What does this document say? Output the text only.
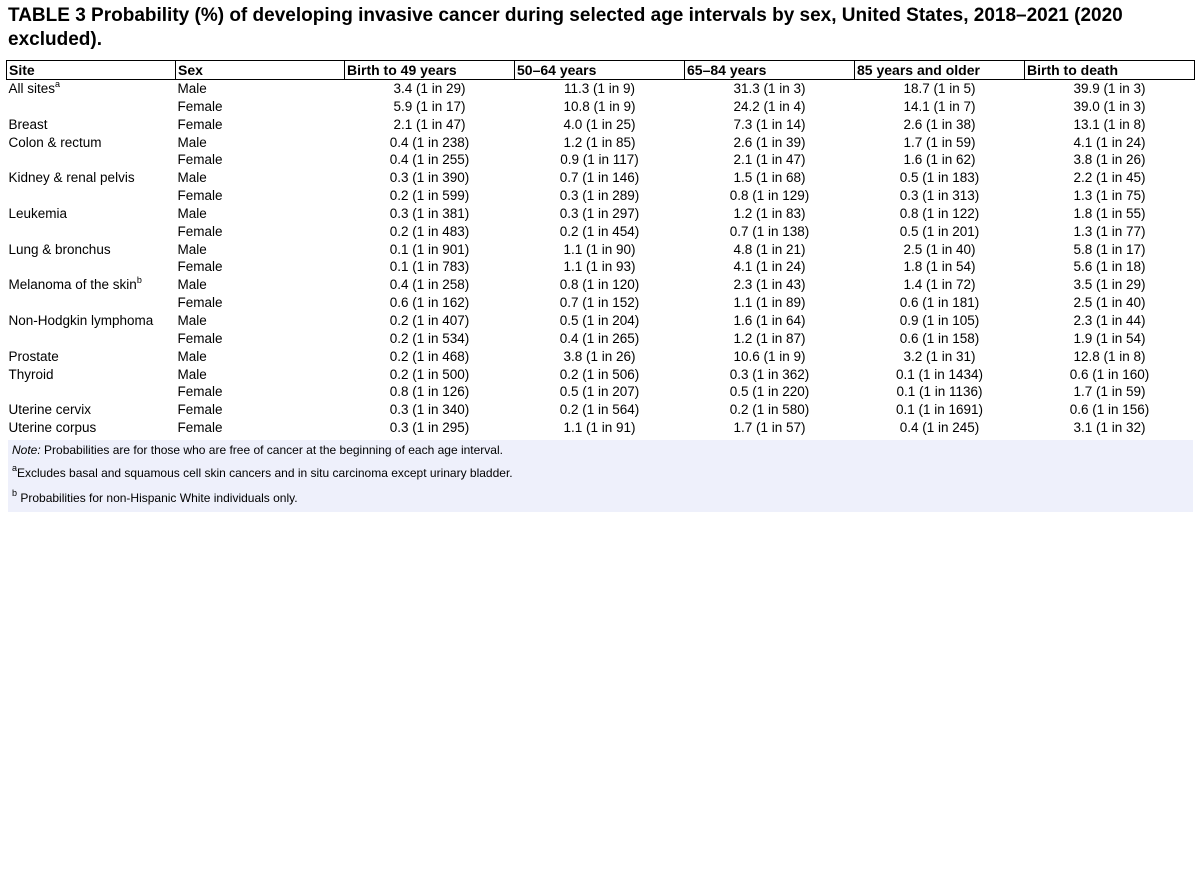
TABLE 3 Probability (%) of developing invasive cancer during selected age intervals by sex, United States, 2018–2021 (2020 excluded).
Site	Sex	Birth to 49 years	50–64 years	65–84 years	85 years and older	Birth to death
All sites$^a$	Male	3.4 (1 in 29)	11.3 (1 in 9)	31.3 (1 in 3)	18.7 (1 in 5)	39.9 (1 in 3)
	Female	5.9 (1 in 17)	10.8 (1 in 9)	24.2 (1 in 4)	14.1 (1 in 7)	39.0 (1 in 3)
Breast	Female	2.1 (1 in 47)	4.0 (1 in 25)	7.3 (1 in 14)	2.6 (1 in 38)	13.1 (1 in 8)
Colon & rectum	Male	0.4 (1 in 238)	1.2 (1 in 85)	2.6 (1 in 39)	1.7 (1 in 59)	4.1 (1 in 24)
	Female	0.4 (1 in 255)	0.9 (1 in 117)	2.1 (1 in 47)	1.6 (1 in 62)	3.8 (1 in 26)
Kidney & renal pelvis	Male	0.3 (1 in 390)	0.7 (1 in 146)	1.5 (1 in 68)	0.5 (1 in 183)	2.2 (1 in 45)
	Female	0.2 (1 in 599)	0.3 (1 in 289)	0.8 (1 in 129)	0.3 (1 in 313)	1.3 (1 in 75)
Leukemia	Male	0.3 (1 in 381)	0.3 (1 in 297)	1.2 (1 in 83)	0.8 (1 in 122)	1.8 (1 in 55)
	Female	0.2 (1 in 483)	0.2 (1 in 454)	0.7 (1 in 138)	0.5 (1 in 201)	1.3 (1 in 77)
Lung & bronchus	Male	0.1 (1 in 901)	1.1 (1 in 90)	4.8 (1 in 21)	2.5 (1 in 40)	5.8 (1 in 17)
	Female	0.1 (1 in 783)	1.1 (1 in 93)	4.1 (1 in 24)	1.8 (1 in 54)	5.6 (1 in 18)
Melanoma of the skin$^b$	Male	0.4 (1 in 258)	0.8 (1 in 120)	2.3 (1 in 43)	1.4 (1 in 72)	3.5 (1 in 29)
	Female	0.6 (1 in 162)	0.7 (1 in 152)	1.1 (1 in 89)	0.6 (1 in 181)	2.5 (1 in 40)
Non-Hodgkin lymphoma	Male	0.2 (1 in 407)	0.5 (1 in 204)	1.6 (1 in 64)	0.9 (1 in 105)	2.3 (1 in 44)
	Female	0.2 (1 in 534)	0.4 (1 in 265)	1.2 (1 in 87)	0.6 (1 in 158)	1.9 (1 in 54)
Prostate	Male	0.2 (1 in 468)	3.8 (1 in 26)	10.6 (1 in 9)	3.2 (1 in 31)	12.8 (1 in 8)
Thyroid	Male	0.2 (1 in 500)	0.2 (1 in 506)	0.3 (1 in 362)	0.1 (1 in 1434)	0.6 (1 in 160)
	Female	0.8 (1 in 126)	0.5 (1 in 207)	0.5 (1 in 220)	0.1 (1 in 1136)	1.7 (1 in 59)
Uterine cervix	Female	0.3 (1 in 340)	0.2 (1 in 564)	0.2 (1 in 580)	0.1 (1 in 1691)	0.6 (1 in 156)
Uterine corpus	Female	0.3 (1 in 295)	1.1 (1 in 91)	1.7 (1 in 57)	0.4 (1 in 245)	3.1 (1 in 32)
Note: Probabilities are for those who are free of cancer at the beginning of each age interval.
$^a$Excludes basal and squamous cell skin cancers and in situ carcinoma except urinary bladder.
$^b$ Probabilities for non-Hispanic White individuals only.
